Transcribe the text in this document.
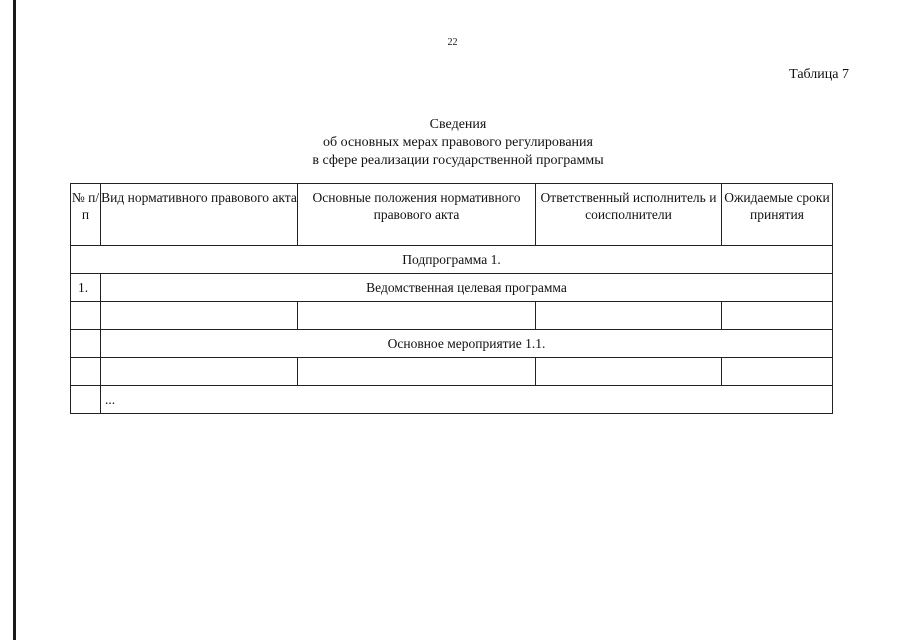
22
Таблица 7
Сведения
об основных мерах правового регулирования
в сфере реализации государственной программы
№ п/п	Вид нормативного правового акта	Основные положения нормативного правового акта	Ответственный исполнитель и соисполнители	Ожидаемые сроки принятия
Подпрограмма 1.				
1.	Ведомственная целевая программа			

	Основное мероприятие 1.1.			

	...			
